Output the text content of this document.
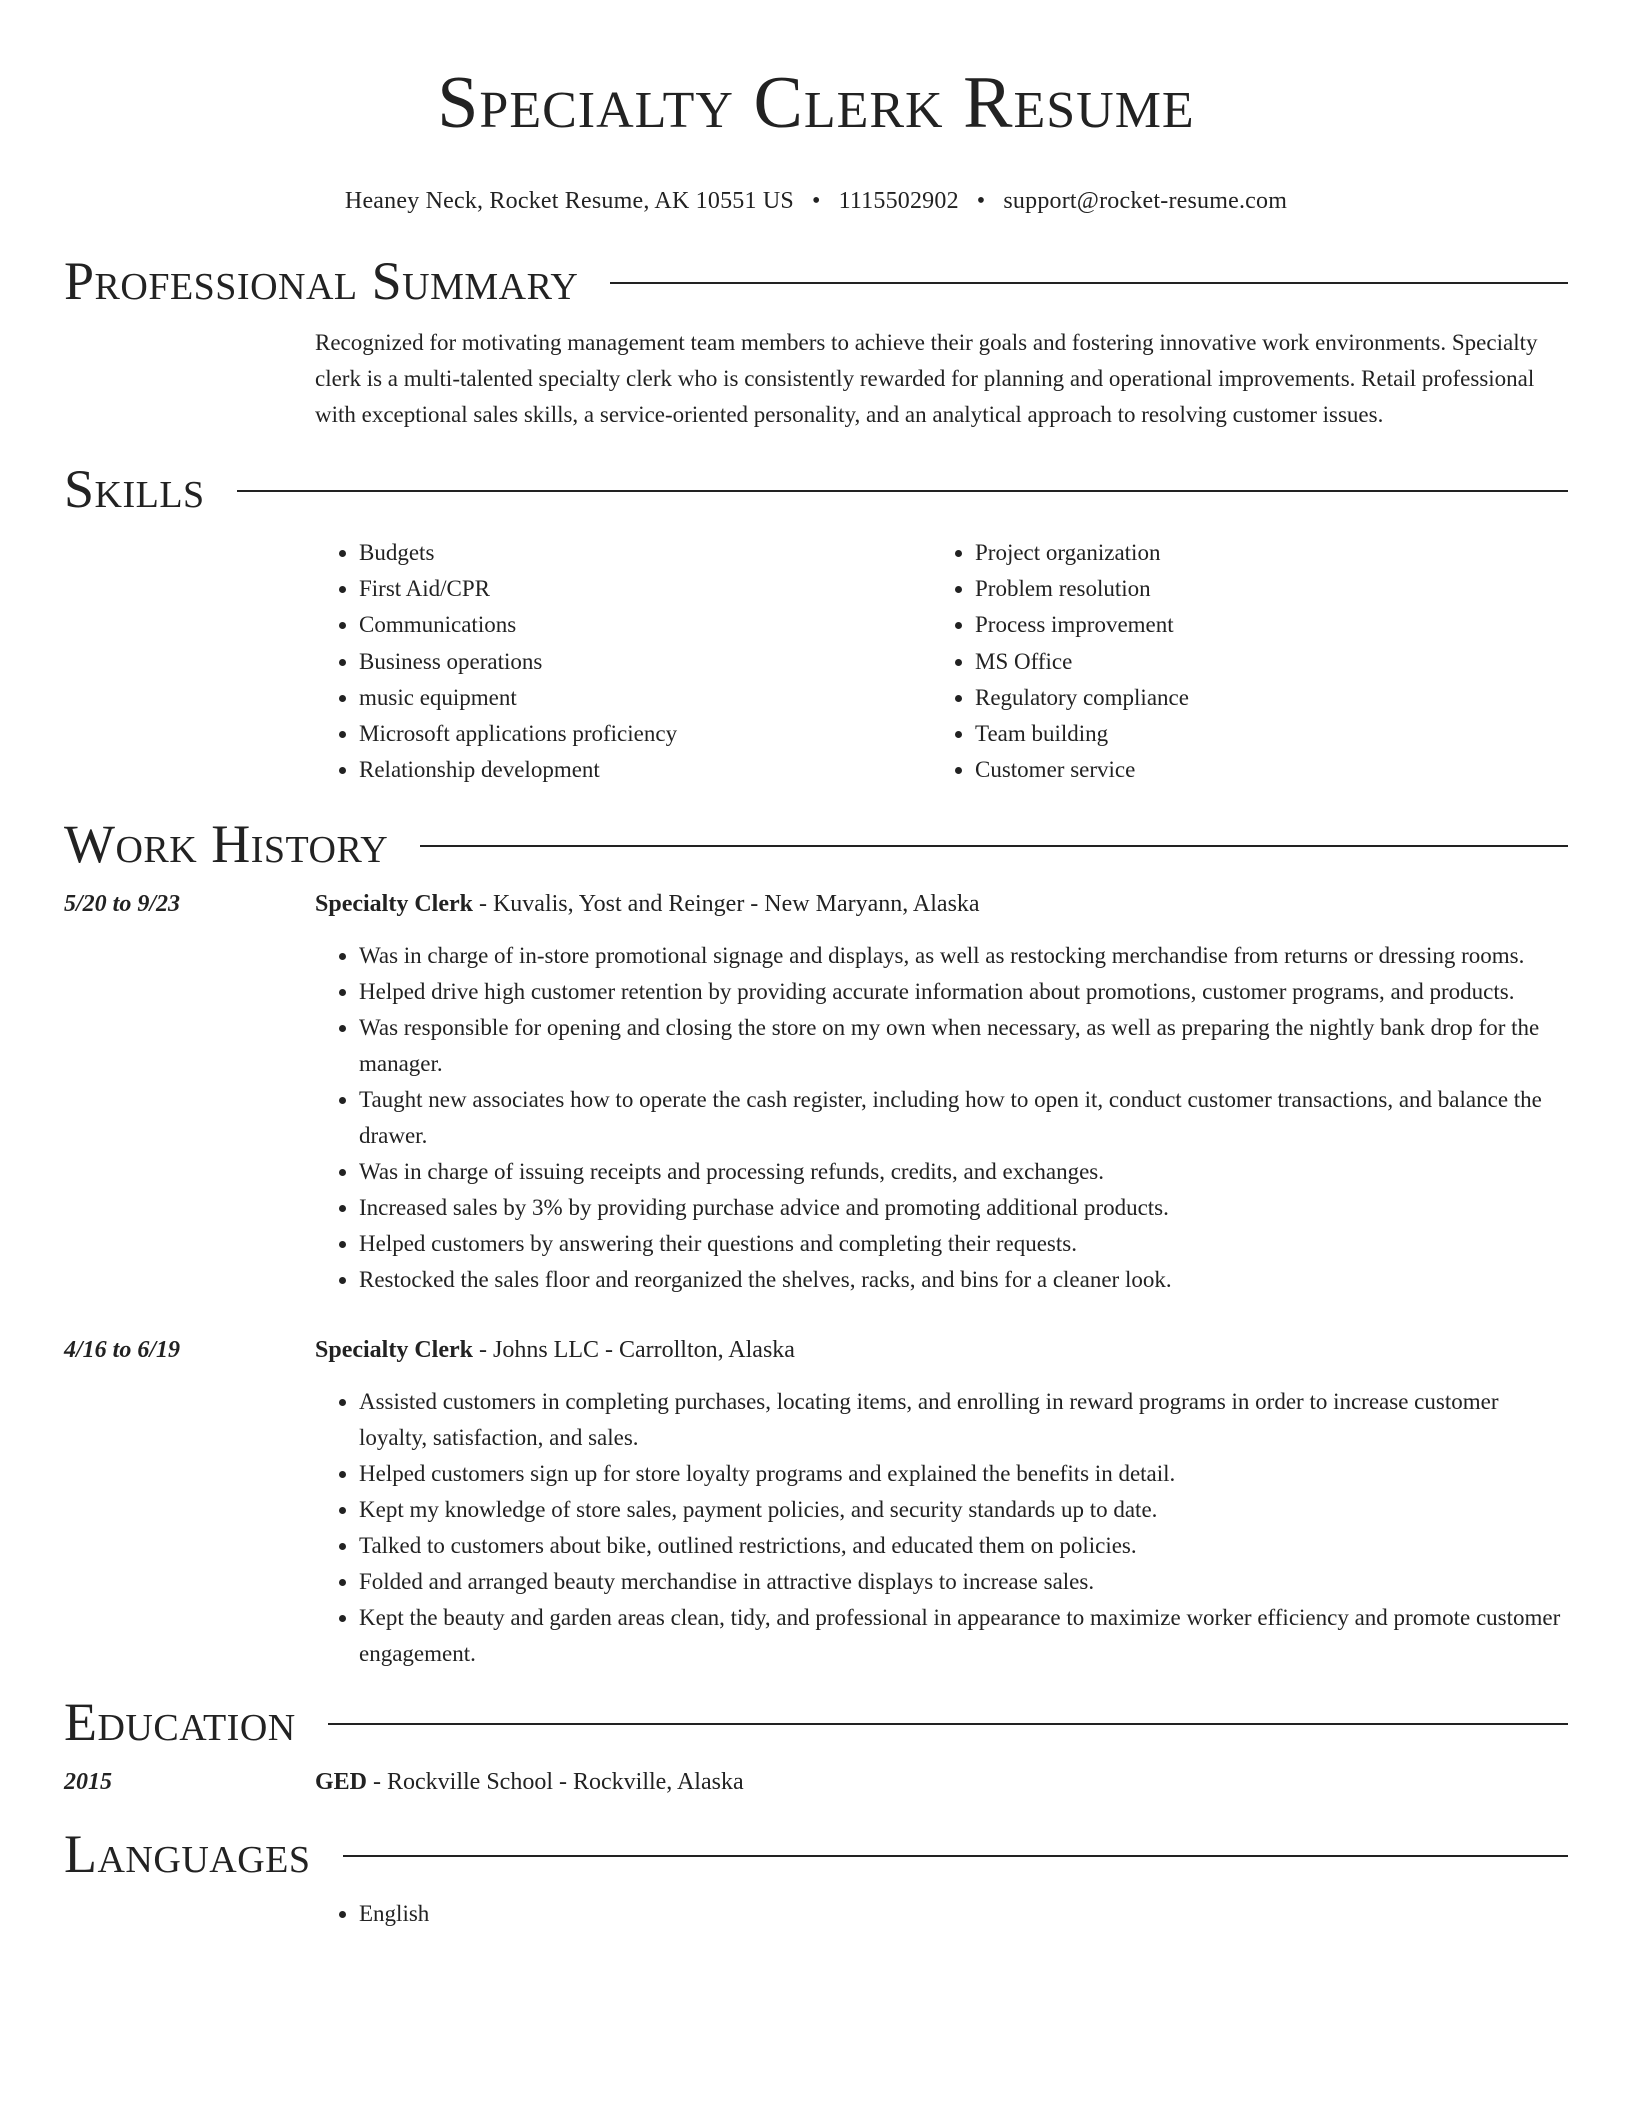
Specialty Clerk Resume
Heaney Neck, Rocket Resume, AK 10551 US • 1115502902 • support@rocket-resume.com
Professional Summary
Recognized for motivating management team members to achieve their goals and fostering innovative work environments. Specialty clerk is a multi-talented specialty clerk who is consistently rewarded for planning and operational improvements. Retail professional with exceptional sales skills, a service-oriented personality, and an analytical approach to resolving customer issues.
Skills
• Budgets
• First Aid/CPR
• Communications
• Business operations
• music equipment
• Microsoft applications proficiency
• Relationship development
• Project organization
• Problem resolution
• Process improvement
• MS Office
• Regulatory compliance
• Team building
• Customer service
Work History
5/20 to 9/23	Specialty Clerk - Kuvalis, Yost and Reinger - New Maryann, Alaska
• Was in charge of in-store promotional signage and displays, as well as restocking merchandise from returns or dressing rooms.
• Helped drive high customer retention by providing accurate information about promotions, customer programs, and products.
• Was responsible for opening and closing the store on my own when necessary, as well as preparing the nightly bank drop for the manager.
• Taught new associates how to operate the cash register, including how to open it, conduct customer transactions, and balance the drawer.
• Was in charge of issuing receipts and processing refunds, credits, and exchanges.
• Increased sales by 3% by providing purchase advice and promoting additional products.
• Helped customers by answering their questions and completing their requests.
• Restocked the sales floor and reorganized the shelves, racks, and bins for a cleaner look.
4/16 to 6/19	Specialty Clerk - Johns LLC - Carrollton, Alaska
• Assisted customers in completing purchases, locating items, and enrolling in reward programs in order to increase customer loyalty, satisfaction, and sales.
• Helped customers sign up for store loyalty programs and explained the benefits in detail.
• Kept my knowledge of store sales, payment policies, and security standards up to date.
• Talked to customers about bike, outlined restrictions, and educated them on policies.
• Folded and arranged beauty merchandise in attractive displays to increase sales.
• Kept the beauty and garden areas clean, tidy, and professional in appearance to maximize worker efficiency and promote customer engagement.
Education
2015	GED - Rockville School - Rockville, Alaska
Languages
• English
